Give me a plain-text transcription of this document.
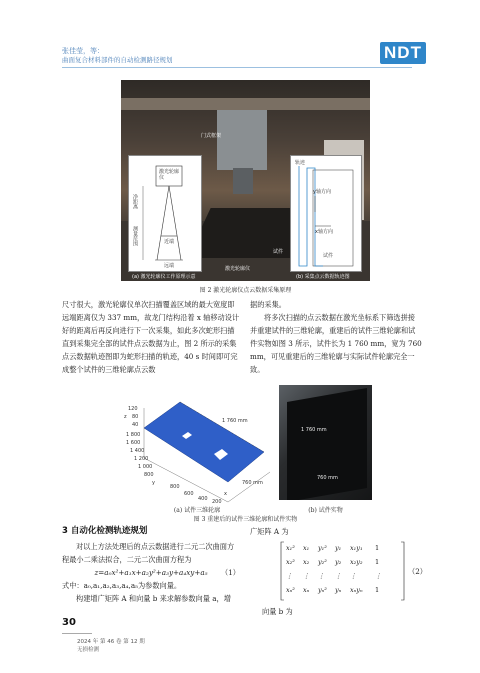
张佳莹，等：
曲面复合材料部件的自动检测路径规划	NDT
门式框架
试件
激光轮廓仪
激光轮廓仪
净距离
测量范围	近端
远端
(a) 激光轮廓仪工作原理示意
轨迹
y轴方向
x轴方向
试件
(b) 采集点云数据轨迹图
图 2 激光轮廓仪点云数据采集原理

尺寸很大，激光轮廓仪单次扫描覆盖区域的最大宽度即远端距离仅为 337 mm，故龙门结构沿着 x 轴移动设计好的距离后再反向进行下一次采集，如此多次蛇形扫描直到采集完全部的试件点云数据为止，图 2 所示的采集点云数据轨迹图即为蛇形扫描的轨迹，40 s 时间即可完成整个试件的三维轮廓点云数

据的采集。

将多次扫描的点云数据在激光坐标系下筛选拼接并重建试件的三维轮廓，重建后的试件三维轮廓和试件实物如图 3 所示，试件长为 1 760 mm，宽为 760 mm，可见重建后的三维轮廓与实际试件轮廓完全一致。

1 760 mm
760 mm
120
80
40
z
1 800
1 600
1 400
1 200
1 000
800
y
800
600
400 200
x
(a) 试件三维轮廓
1 760 mm
760 mm
(b) 试件实物
图 3 重建后的试件三维轮廓和试件实物
3 自动化检测轨迹规划

对以上方法处理后的点云数据进行二元二次曲面方程最小二乘法拟合，二元二次曲面方程为

z=a₀x²+a₁x+a₂y²+a₃y+a₄xy+a₅ （1）

式中：a₀,a₁,a₂,a₃,a₄,a₅为参数向量。

构建增广矩阵 A 和向量 b 来求解参数向量 a，增

广矩阵 A 为
x₁²	x₁	y₁²	y₁	x₁y₁	1
x₂²	x₂	y₂²	y₂	x₂y₂	1
⋮	⋮	⋮	⋮	⋮	⋮
xₙ²	xₙ	yₙ²	yₙ	xₙyₙ	1
（2）
向量 b 为
30
2024 年 第 46 卷 第 12 期
无损检测
